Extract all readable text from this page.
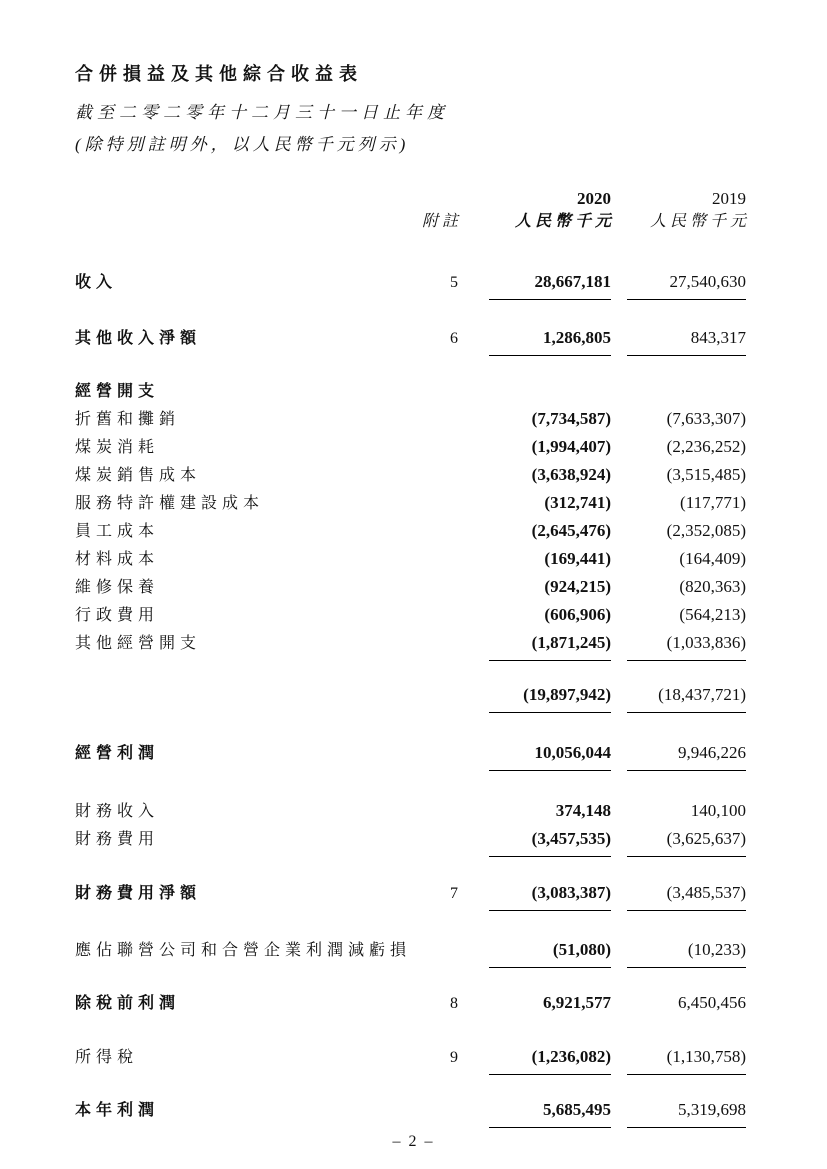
合併損益及其他綜合收益表
截至二零二零年十二月三十一日止年度
(除特別註明外，以人民幣千元列示)
2020	2019
附註	人民幣千元	人民幣千元
收入	5	28,667,181	27,540,630
其他收入淨額	6	1,286,805	843,317
經營開支
折舊和攤銷	(7,734,587)	(7,633,307)
煤炭消耗	(1,994,407)	(2,236,252)
煤炭銷售成本	(3,638,924)	(3,515,485)
服務特許權建設成本	(312,741)	(117,771)
員工成本	(2,645,476)	(2,352,085)
材料成本	(169,441)	(164,409)
維修保養	(924,215)	(820,363)
行政費用	(606,906)	(564,213)
其他經營開支	(1,871,245)	(1,033,836)
(19,897,942)	(18,437,721)
經營利潤	10,056,044	9,946,226
財務收入	374,148	140,100
財務費用	(3,457,535)	(3,625,637)
財務費用淨額	7	(3,083,387)	(3,485,537)
應佔聯營公司和合營企業利潤減虧損	(51,080)	(10,233)
除稅前利潤	8	6,921,577	6,450,456
所得稅	9	(1,236,082)	(1,130,758)
本年利潤	5,685,495	5,319,698
– 2 –
